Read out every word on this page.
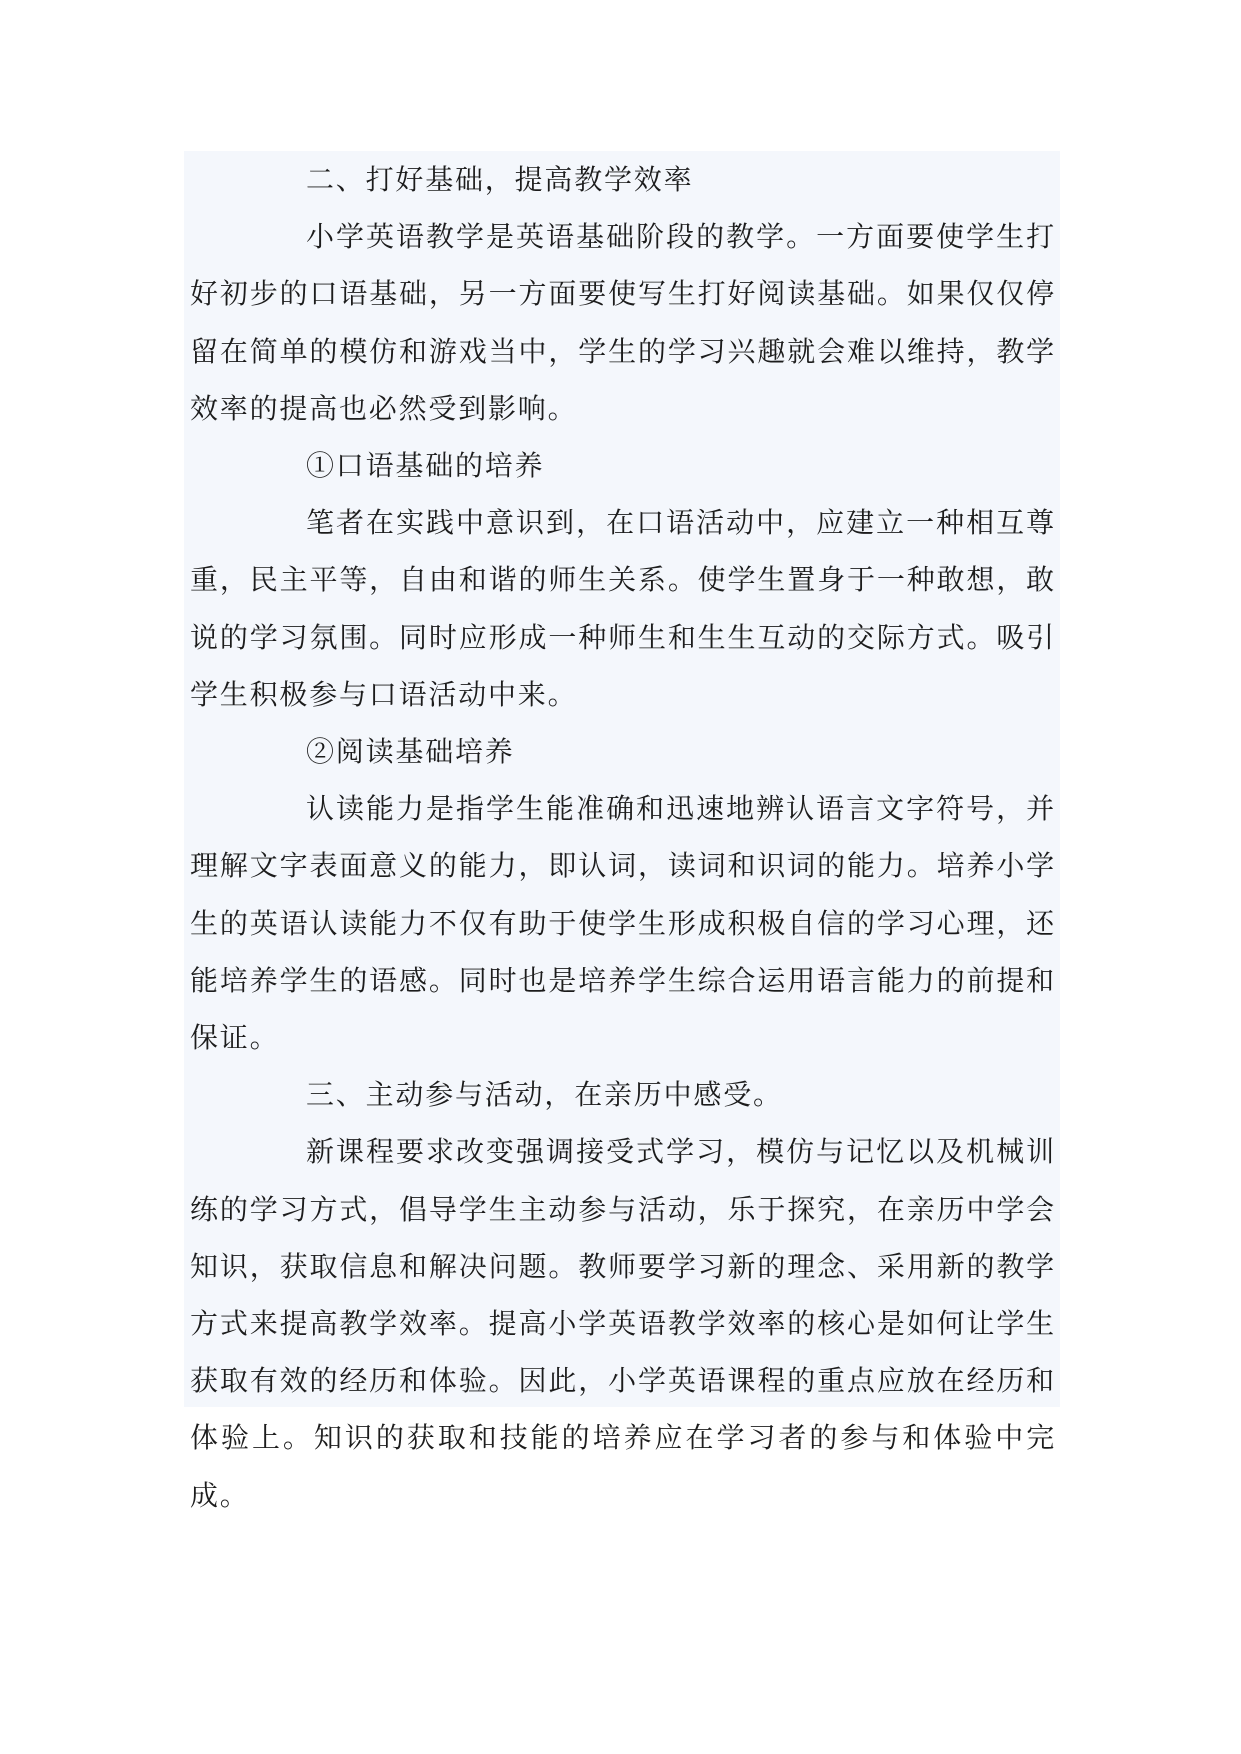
二、打好基础，提高教学效率

小学英语教学是英语基础阶段的教学。一方面要使学生打好初步的口语基础，另一方面要使写生打好阅读基础。如果仅仅停留在简单的模仿和游戏当中，学生的学习兴趣就会难以维持，教学效率的提高也必然受到影响。

①口语基础的培养

笔者在实践中意识到，在口语活动中，应建立一种相互尊重，民主平等，自由和谐的师生关系。使学生置身于一种敢想，敢说的学习氛围。同时应形成一种师生和生生互动的交际方式。吸引学生积极参与口语活动中来。

②阅读基础培养

认读能力是指学生能准确和迅速地辨认语言文字符号，并理解文字表面意义的能力，即认词，读词和识词的能力。培养小学生的英语认读能力不仅有助于使学生形成积极自信的学习心理，还能培养学生的语感。同时也是培养学生综合运用语言能力的前提和保证。

三、主动参与活动，在亲历中感受。

新课程要求改变强调接受式学习，模仿与记忆以及机械训练的学习方式，倡导学生主动参与活动，乐于探究，在亲历中学会知识，获取信息和解决问题。教师要学习新的理念、采用新的教学方式来提高教学效率。提高小学英语教学效率的核心是如何让学生获取有效的经历和体验。因此，小学英语课程的重点应放在经历和体验上。知识的获取和技能的培养应在学习者的参与和体验中完成。
